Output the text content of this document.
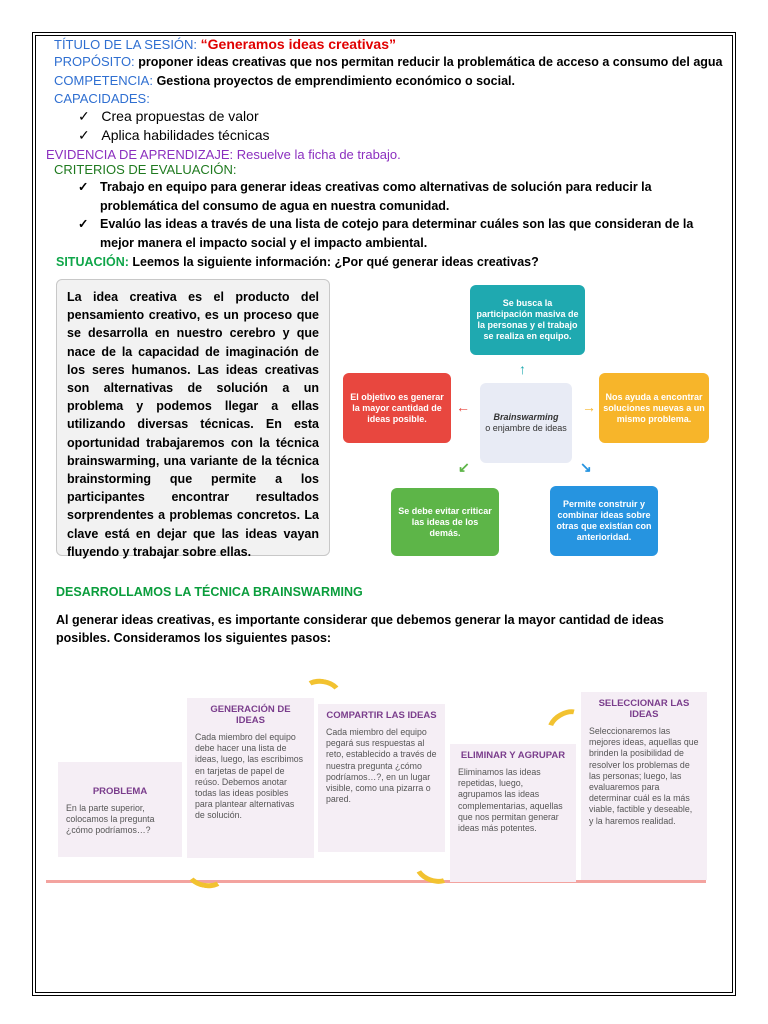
TÍTULO DE LA SESIÓN: “Generamos ideas creativas”
PROPÓSITO: proponer ideas creativas que nos permitan reducir la problemática de acceso a consumo del agua
COMPETENCIA: Gestiona proyectos de emprendimiento económico o social.
CAPACIDADES:
✓   Crea propuestas de valor
✓   Aplica habilidades técnicas
EVIDENCIA DE APRENDIZAJE: Resuelve la ficha de trabajo.
CRITERIOS DE EVALUACIÓN:
✓ Trabajo en equipo para generar ideas creativas como alternativas de solución para reducir la problemática del consumo de agua en nuestra comunidad.
✓ Evalúo las ideas a través de una lista de cotejo para determinar cuáles son las que consideran de la mejor manera el impacto social y el impacto ambiental.
SITUACIÓN: Leemos la siguiente información: ¿Por qué generar ideas creativas?
La idea creativa es el producto del pensamiento creativo, es un proceso que se desarrolla en nuestro cerebro y que nace de la capacidad de imaginación de los seres humanos. Las ideas creativas son alternativas de solución a un problema y podemos llegar a ellas utilizando diversas técnicas. En esta oportunidad trabajaremos con la técnica brainswarming, una variante de la técnica brainstorming que permite a los participantes encontrar resultados sorprendentes a problemas concretos. La clave está en dejar que las ideas vayan fluyendo y trabajar sobre ellas.
Se busca la participación masiva de la personas y el trabajo se realiza en equipo.
El objetivo es generar la mayor cantidad de ideas posible.
Nos ayuda a encontrar soluciones nuevas a un mismo problema.
Se debe evitar criticar las ideas de los demás.
Permite construir y combinar ideas sobre otras que existían con anterioridad.
Brainswarming
o enjambre de ideas
↑
←	→
↙	↘
DESARROLLAMOS LA TÉCNICA BRAINSWARMING
Al generar ideas creativas, es importante considerar que debemos generar la mayor cantidad de ideas posibles. Consideramos los siguientes pasos:
PROBLEMA

En la parte superior, colocamos la pregunta ¿cómo podríamos…?

GENERACIÓN DE IDEAS

Cada miembro del equipo debe hacer una lista de ideas, luego, las escribimos en tarjetas de papel de reúso. Debemos anotar todas las ideas posibles para plantear alternativas de solución.

COMPARTIR LAS IDEAS

Cada miembro del equipo pegará sus respuestas al reto, establecido a través de nuestra pregunta ¿cómo podríamos…?, en un lugar visible, como una pizarra o pared.

ELIMINAR Y AGRUPAR

Eliminamos las ideas repetidas, luego, agrupamos las ideas complementarias, aquellas que nos permitan generar ideas más potentes.

SELECCIONAR LAS IDEAS

Seleccionaremos las mejores ideas, aquellas que brinden la posibilidad de resolver los problemas de las personas; luego, las evaluaremos para determinar cuál es la más viable, factible y deseable, y la haremos realidad.
